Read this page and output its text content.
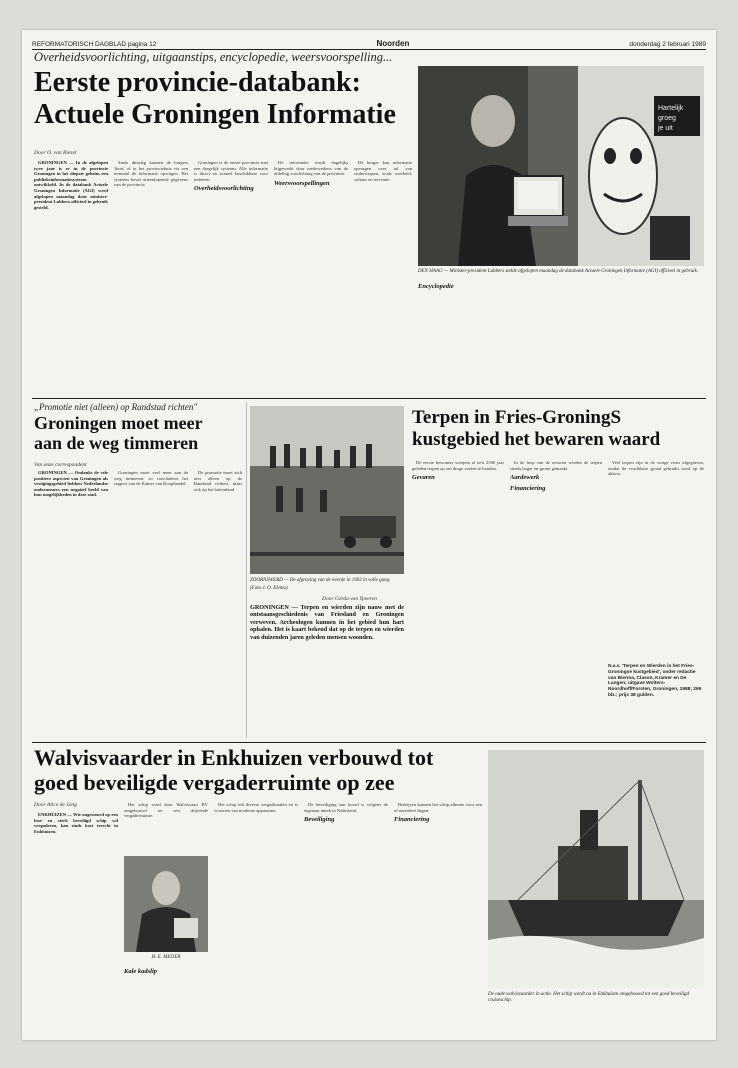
REFORMATORISCH DAGBLAD pagina 12	Noorden	donderdag 2 februari 1989
Overheidsvoorlichting, uitgaanstips, encyclopedie, weersvoorspelling...
Eerste provincie-databank:
Actuele Groningen Informatie	Hartelijk
groeg
je uit
DEN HAAG — Minister-president Lubbers stelde afgelopen maandag de databank Actuele Groningen Informatie (AGI) officieel in gebruik.
Door O. van Riezel

GRONINGEN — In de afgelopen twee jaar is er in de provincie Groningen in het diepste geheim een publieksinformatiesysteem ontwikkeld. In de databank Actuele Groningen Informatie (AGI) werd afgelopen maandag door minister-president Lubbers officieel in gebruik gesteld.

Sinds dinsdag kunnen de burgers 'thuis' of in het provinciehuis via een terminal de informatie opvragen. Het systeem bevat uiteenlopende gegevens van de provincie.

Groningen is de eerste provincie met een dergelijk systeem. Alle informatie is direct en actueel beschikbaar voor iedereen.

Overheidsvoorlichting

De informatie wordt dagelijks bijgewerkt door medewerkers van de afdeling voorlichting van de provincie.

Weersvoorspellingen

De burger kan informatie opvragen over tal van onderwerpen, zoals overheid, cultuur en recreatie.

Encyclopedie
„Promotie niet (alleen) op Randstad richten"
Groningen moet meer
aan de weg timmeren
Van onze correspondent

GRONINGEN — Ondanks de vele positieve aspecten van Groningen als vestigingsgebied hebben Nederlandse ondernemers een negatief beeld van hun mogelijkheden in deze stad.

Groningen moet veel meer aan de weg timmeren, zo concludeert het rapport van de Kamer van Koophandel.

De promotie moet zich niet alleen op de Randstad richten, maar ook op het buitenland.

ZOORNSWERD — De afgraving van de wierde in 1902 in volle gang.
(Foto J. O. Elema)
Door Gerda van Ypeeren
Terpen in Fries-GroningS
kustgebied het bewaren waard
GRONINGEN — Terpen en wierden zijn nauw met de ontstaansgeschiedenis van Friesland en Groningen verweven. Archeologen kunnen in het gebied hun hart ophalen. Het is kaart bekend dat op de terpen en wierden van duizenden jaren geleden mensen woonden.

De eerste bewoners wierpen al zo'n 2500 jaar geleden terpen op om droge voeten te houden.

Gevaren

In de loop van de eeuwen werden de terpen steeds hoger en groter gemaakt.

Aardewerk
Financiering

Veel terpen zijn in de vorige eeuw afgegraven, omdat de vruchtbare grond gebruikt werd op de akkers.

N.a.v. 'Terpen en Wierden in het Fries-Groningse kustgebied', onder redactie van Bierma, Clason, Kramer en De Langen; uitgave Wolters-Noordhoff/Forsten, Groningen, 1988; 269 blz.; prijs 38 gulden.
Walvisvaarder in Enkhuizen verbouwd tot
goed beveiligde vergaderruimte op zee
De oude walvisvaarder in actie. Het schip wordt nu in Enkhuizen omgebouwd tot een goed beveiligd cruiseschip.
Door Alice de Jong

ENKHUIZEN — Wie ongestoord op een luxe en sterk beveiligd schip wil vergaderen, kan sinds kort terecht in Enkhuizen.

Het schip werd door Walvisvaart BV omgebouwd tot een drijvende vergaderruimte.

H. E. MEIJER
Kale kadslip

Het schip telt diverse vergaderzalen en is voorzien van moderne apparatuur.

De beveiliging aan boord is volgens de eigenaar uniek in Nederland.

Beveiliging

Bedrijven kunnen het schip afhuren voor een of meerdere dagen.

Financiering
